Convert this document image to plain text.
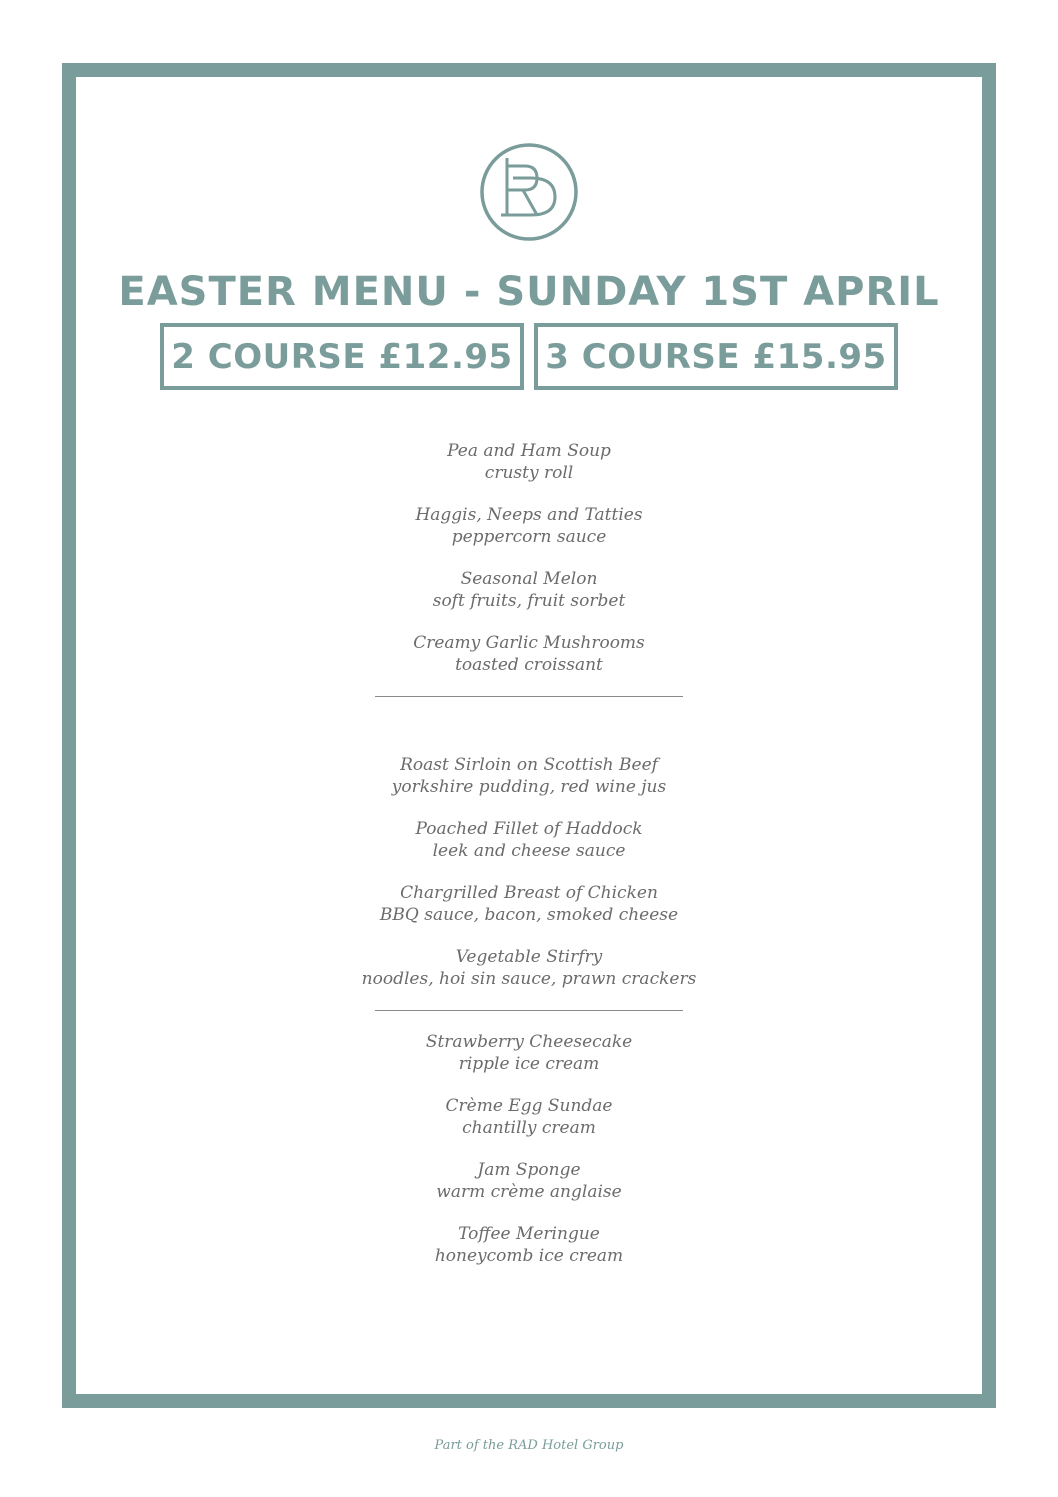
EASTER MENU - SUNDAY 1ST APRIL
2 COURSE £12.95 3 COURSE £15.95
Pea and Ham Soup
crusty roll
Haggis, Neeps and Tatties
peppercorn sauce
Seasonal Melon
soft fruits, fruit sorbet
Creamy Garlic Mushrooms
toasted croissant
Roast Sirloin on Scottish Beef
yorkshire pudding, red wine jus
Poached Fillet of Haddock
leek and cheese sauce
Chargrilled Breast of Chicken
BBQ sauce, bacon, smoked cheese
Vegetable Stirfry
noodles, hoi sin sauce, prawn crackers
Strawberry Cheesecake
ripple ice cream
Crème Egg Sundae
chantilly cream
Jam Sponge
warm crème anglaise
Toffee Meringue
honeycomb ice cream
Part of the RAD Hotel Group
